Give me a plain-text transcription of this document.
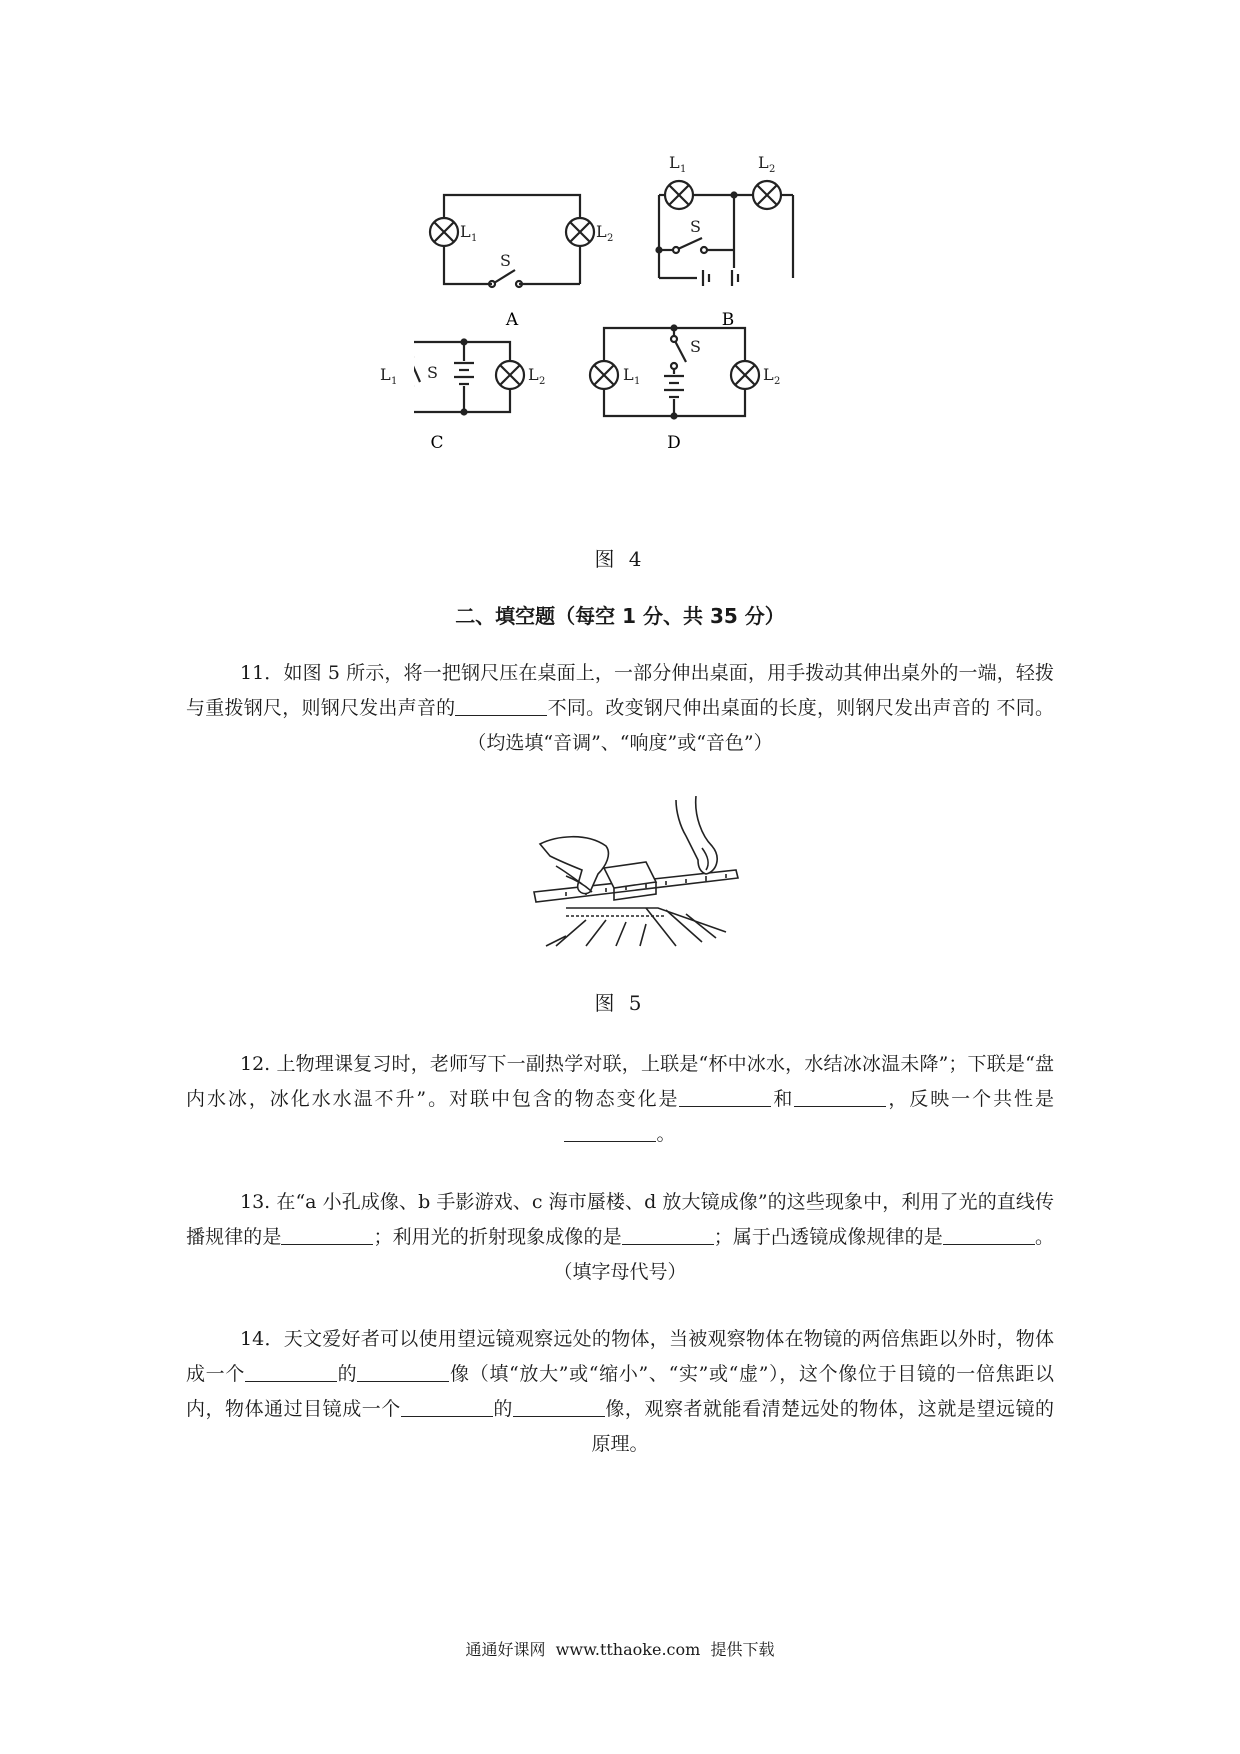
L 1	L 2
S
A
L 1	L 2
S
B
L 1 S	L 2
C
L 1
S
L 2
D
图 4
二、填空题（每空 1 分、共 35 分）
11．如图 5 所示，将一把钢尺压在桌面上，一部分伸出桌面，用手拨动其伸出桌外的一端，轻拨与重拨钢尺，则钢尺发出声音的	不同。改变钢尺伸出桌面的长度，则钢尺发出声音的 不同。（均选填“音调”、“响度”或“音色”）
图 5
12. 上物理课复习时，老师写下一副热学对联，上联是“杯中冰水，水结冰冰温未降”；下联是“盘内水冰，冰化水水温不升”。对联中包含的物态变化是	和	，反映一个共性是。
13. 在“a 小孔成像、b 手影游戏、c 海市蜃楼、d 放大镜成像”的这些现象中，利用了光的直线传播规律的是	；利用光的折射现象成像的是	；属于凸透镜成像规律的是	。（填字母代号）
14．天文爱好者可以使用望远镜观察远处的物体，当被观察物体在物镜的两倍焦距以外时，物体成一个	的	像（填“放大”或“缩小”、“实”或“虚”），这个像位于目镜的一倍焦距以内，物体通过目镜成一个	的	像，观察者就能看清楚远处的物体，这就是望远镜的原理。
通通好课网  www.tthaoke.com  提供下载
